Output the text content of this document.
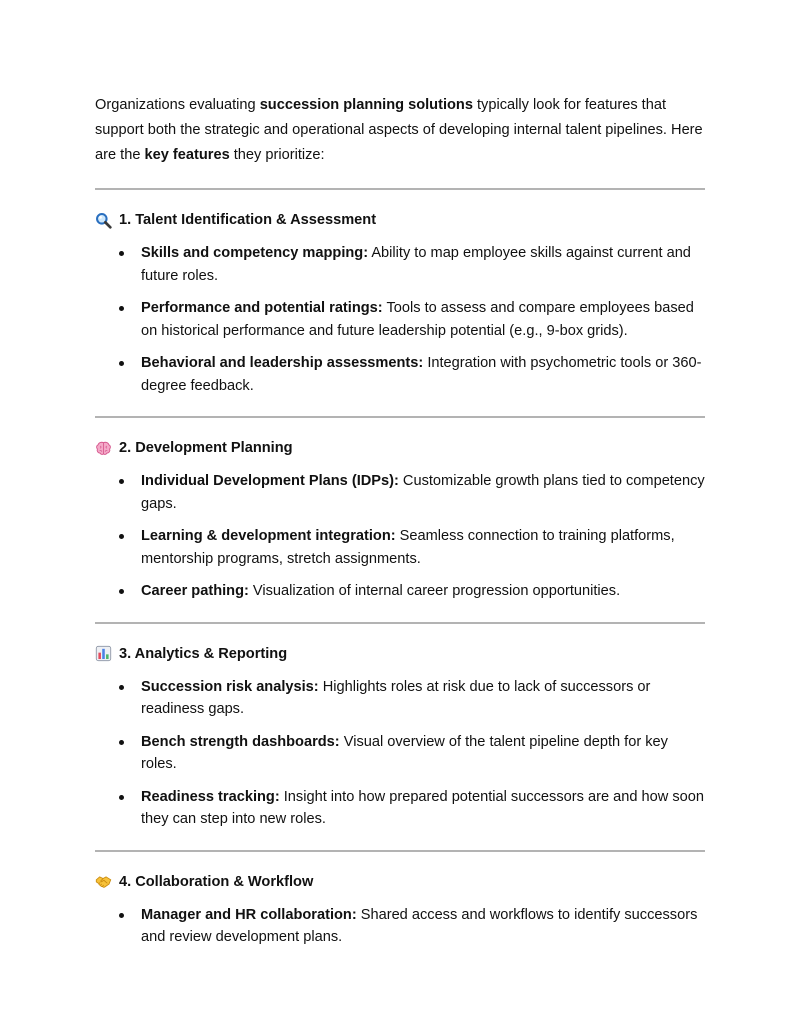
Organizations evaluating succession planning solutions typically look for features that support both the strategic and operational aspects of developing internal talent pipelines. Here are the key features they prioritize:

1. Talent Identification & Assessment
Skills and competency mapping: Ability to map employee skills against current and future roles.
Performance and potential ratings: Tools to assess and compare employees based on historical performance and future leadership potential (e.g., 9-box grids).
Behavioral and leadership assessments: Integration with psychometric tools or 360-degree feedback.
2. Development Planning
Individual Development Plans (IDPs): Customizable growth plans tied to competency gaps.
Learning & development integration: Seamless connection to training platforms, mentorship programs, stretch assignments.
Career pathing: Visualization of internal career progression opportunities.
3. Analytics & Reporting
Succession risk analysis: Highlights roles at risk due to lack of successors or readiness gaps.
Bench strength dashboards: Visual overview of the talent pipeline depth for key roles.
Readiness tracking: Insight into how prepared potential successors are and how soon they can step into new roles.
4. Collaboration & Workflow
Manager and HR collaboration: Shared access and workflows to identify successors and review development plans.
